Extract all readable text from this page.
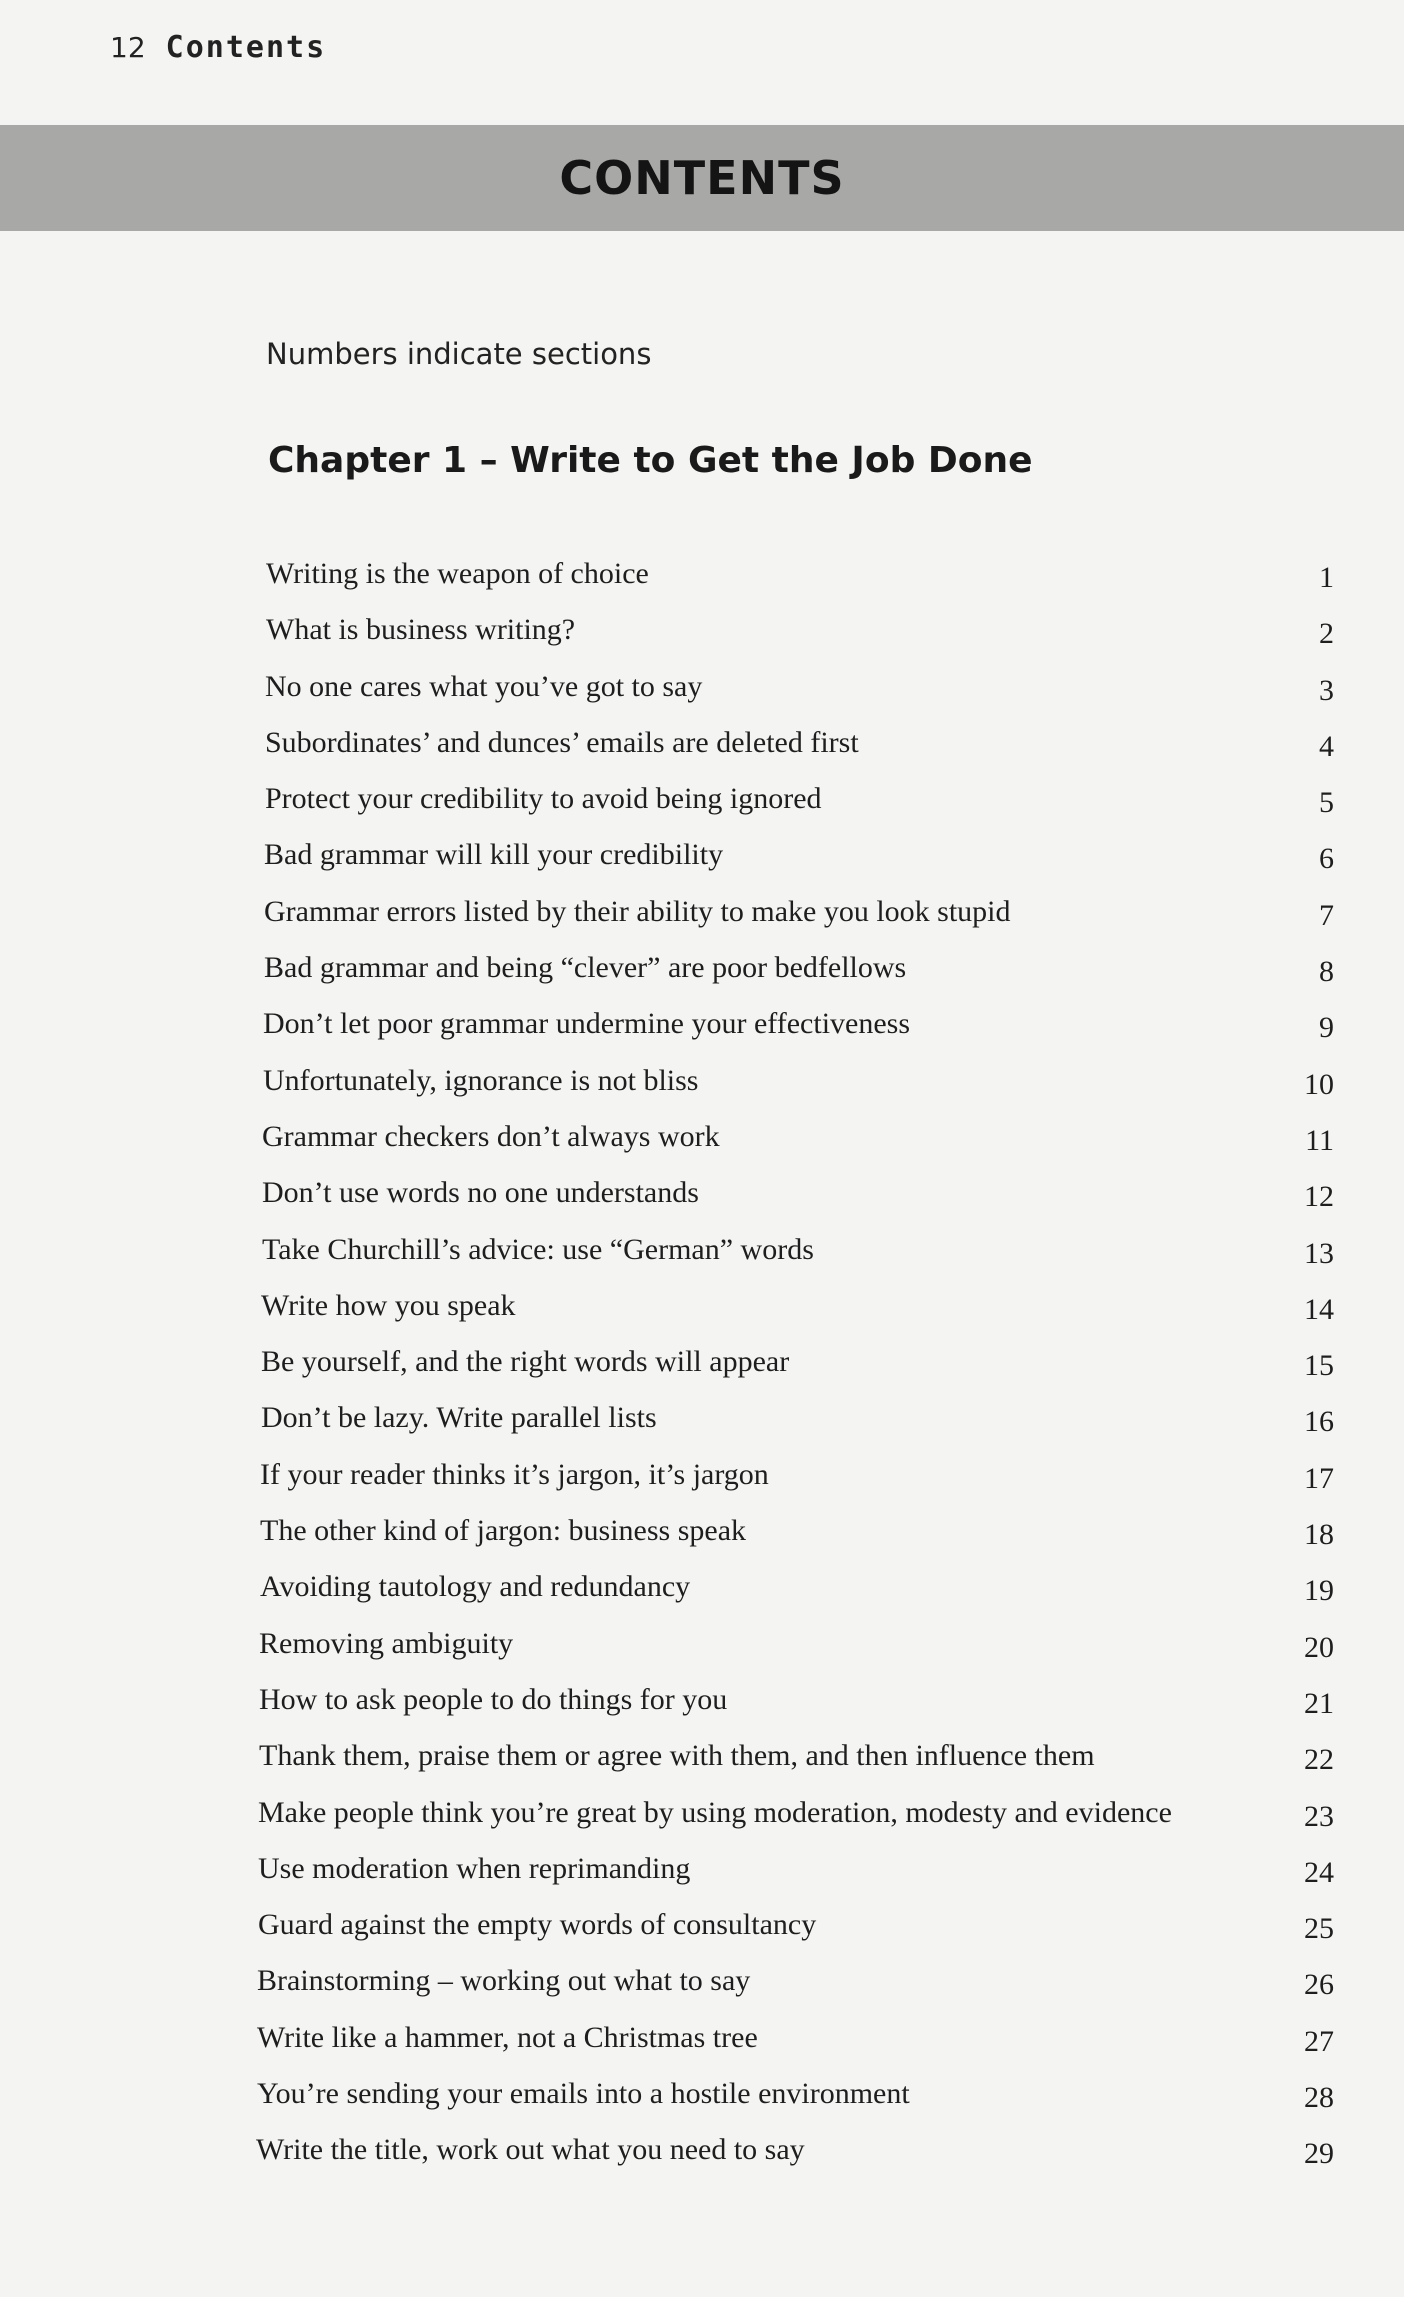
12 Contents
CONTENTS
Numbers indicate sections
Chapter 1 – Write to Get the Job Done
Writing is the weapon of choice	1
What is business writing?	2
No one cares what you’ve got to say	3
Subordinates’ and dunces’ emails are deleted first	4
Protect your credibility to avoid being ignored	5
Bad grammar will kill your credibility	6
Grammar errors listed by their ability to make you look stupid	7
Bad grammar and being “clever” are poor bedfellows	8
Don’t let poor grammar undermine your effectiveness	9
Unfortunately, ignorance is not bliss	10
Grammar checkers don’t always work	11
Don’t use words no one understands	12
Take Churchill’s advice: use “German” words	13
Write how you speak	14
Be yourself, and the right words will appear	15
Don’t be lazy. Write parallel lists	16
If your reader thinks it’s jargon, it’s jargon	17
The other kind of jargon: business speak	18
Avoiding tautology and redundancy	19
Removing ambiguity	20
How to ask people to do things for you	21
Thank them, praise them or agree with them, and then influence them	22
Make people think you’re great by using moderation, modesty and evidence	23
Use moderation when reprimanding	24
Guard against the empty words of consultancy	25
Brainstorming – working out what to say	26
Write like a hammer, not a Christmas tree	27
You’re sending your emails into a hostile environment	28
Write the title, work out what you need to say	29
